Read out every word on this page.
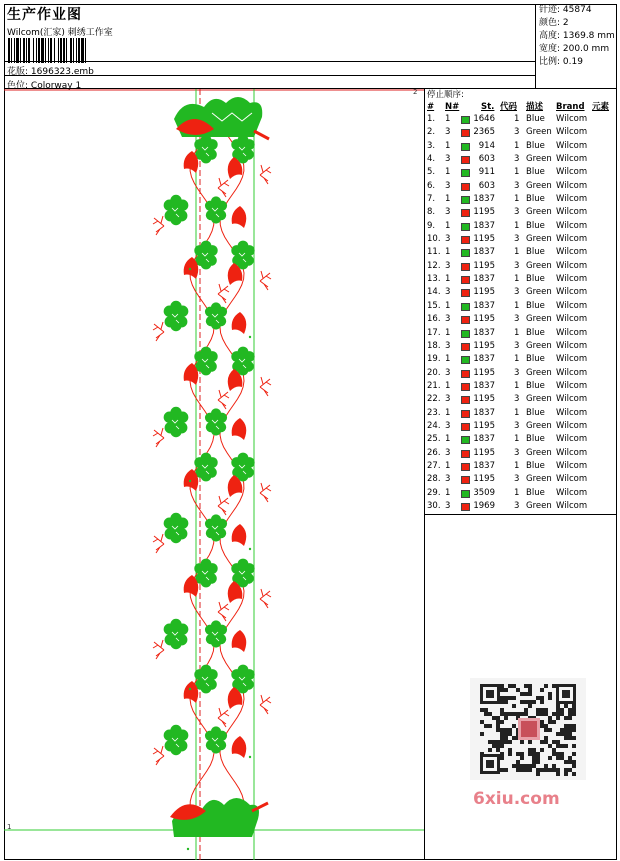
生产作业图
Wilcom(汇家) 刺绣工作室
花版: 1696323.emb
色位: Colorway 1
针迹: 45874
颜色: 2
高度: 1369.8 mm
宽度: 200.0 mm
比例: 0.19
2
1
停止顺序:
# N#	St. 代码 描述 Brand 元素
1. 1	1646 1 Blue Wilcom
2. 3	2365 3 Green Wilcom
3. 1	914 1 Blue Wilcom
4. 3	603 3 Green Wilcom
5. 1	911 1 Blue Wilcom
6. 3	603 3 Green Wilcom
7. 1	1837 1 Blue Wilcom
8. 3	1195 3 Green Wilcom
9. 1	1837 1 Blue Wilcom
10. 3	1195 3 Green Wilcom
11. 1	1837 1 Blue Wilcom
12. 3	1195 3 Green Wilcom
13. 1	1837 1 Blue Wilcom
14. 3	1195 3 Green Wilcom
15. 1	1837 1 Blue Wilcom
16. 3	1195 3 Green Wilcom
17. 1	1837 1 Blue Wilcom
18. 3	1195 3 Green Wilcom
19. 1	1837 1 Blue Wilcom
20. 3	1195 3 Green Wilcom
21. 1	1837 1 Blue Wilcom
22. 3	1195 3 Green Wilcom
23. 1	1837 1 Blue Wilcom
24. 3	1195 3 Green Wilcom
25. 1	1837 1 Blue Wilcom
26. 3	1195 3 Green Wilcom
27. 1	1837 1 Blue Wilcom
28. 3	1195 3 Green Wilcom
29. 1	3509 1 Blue Wilcom
30. 3	1969 3 Green Wilcom
6xiu.com
